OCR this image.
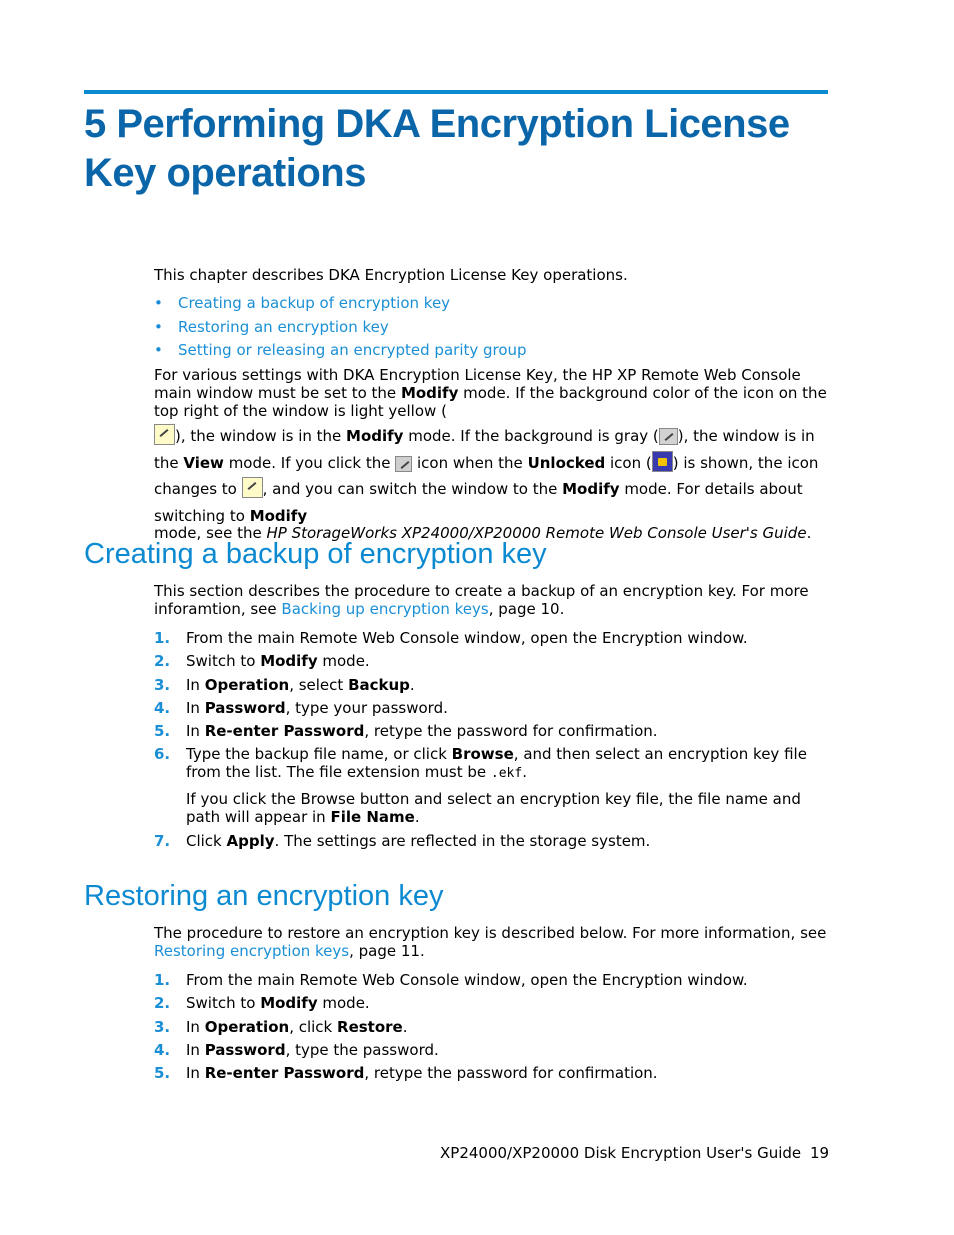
5 Performing DKA Encryption License Key operations

This chapter describes DKA Encryption License Key operations.

• Creating a backup of encryption key
• Restoring an encryption key
• Setting or releasing an encrypted parity group

For various settings with DKA Encryption License Key, the HP XP Remote Web Console main window must be set to the Modify mode. If the background color of the icon on the top right of the window is light yellow (
), the window is in the Modify mode. If the background is gray ( ), the window is in the View mode. If you click the  icon when the Unlocked icon ( ) is shown, the icon changes to , and you can switch the window to the Modify mode. For details about switching to Modify
mode, see the HP StorageWorks XP24000/XP20000 Remote Web Console User's Guide.

Creating a backup of encryption key

This section describes the procedure to create a backup of an encryption key. For more inforamtion, see Backing up encryption keys, page 10.

1. From the main Remote Web Console window, open the Encryption window.
2. Switch to Modify mode.
3. In Operation, select Backup.
4. In Password, type your password.
5. In Re-enter Password, retype the password for confirmation.
6. Type the backup file name, or click Browse, and then select an encryption key file from the list. The file extension must be .ekf.
If you click the Browse button and select an encryption key file, the file name and path will appear in File Name.
7. Click Apply. The settings are reflected in the storage system.
Restoring an encryption key

The procedure to restore an encryption key is described below. For more information, see Restoring encryption keys, page 11.

1. From the main Remote Web Console window, open the Encryption window.
2. Switch to Modify mode.
3. In Operation, click Restore.
4. In Password, type the password.
5. In Re-enter Password, retype the password for confirmation.
XP24000/XP20000 Disk Encryption User's Guide 19
